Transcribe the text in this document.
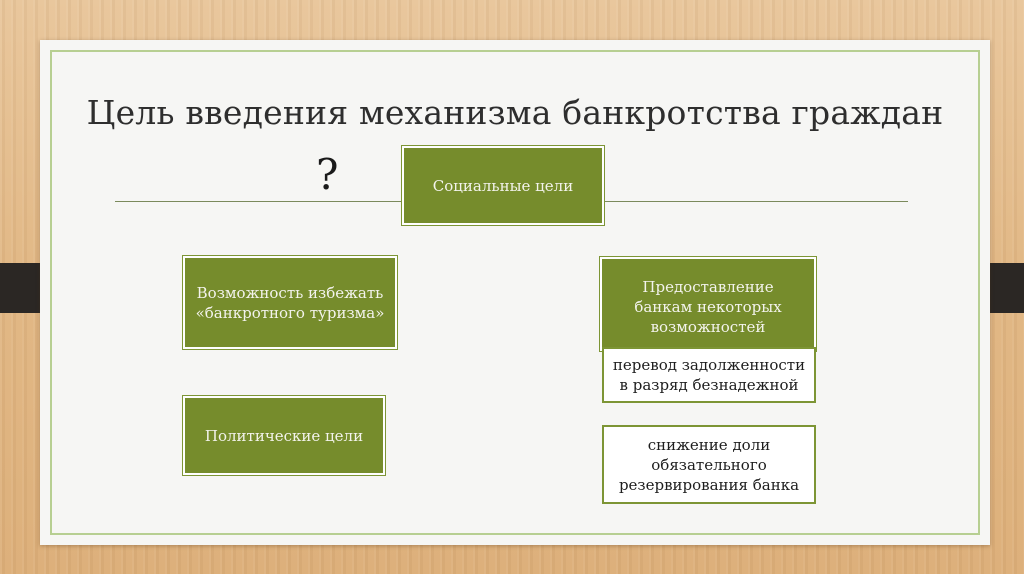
Цель введения механизма банкротства граждан
?	Социальные цели
Возможность избежать «банкротного туризма»
Предоставление банкам некоторых возможностей
перевод задолженности в разряд безнадежной
Политические цели	снижение доли обязательного резервирования банка
